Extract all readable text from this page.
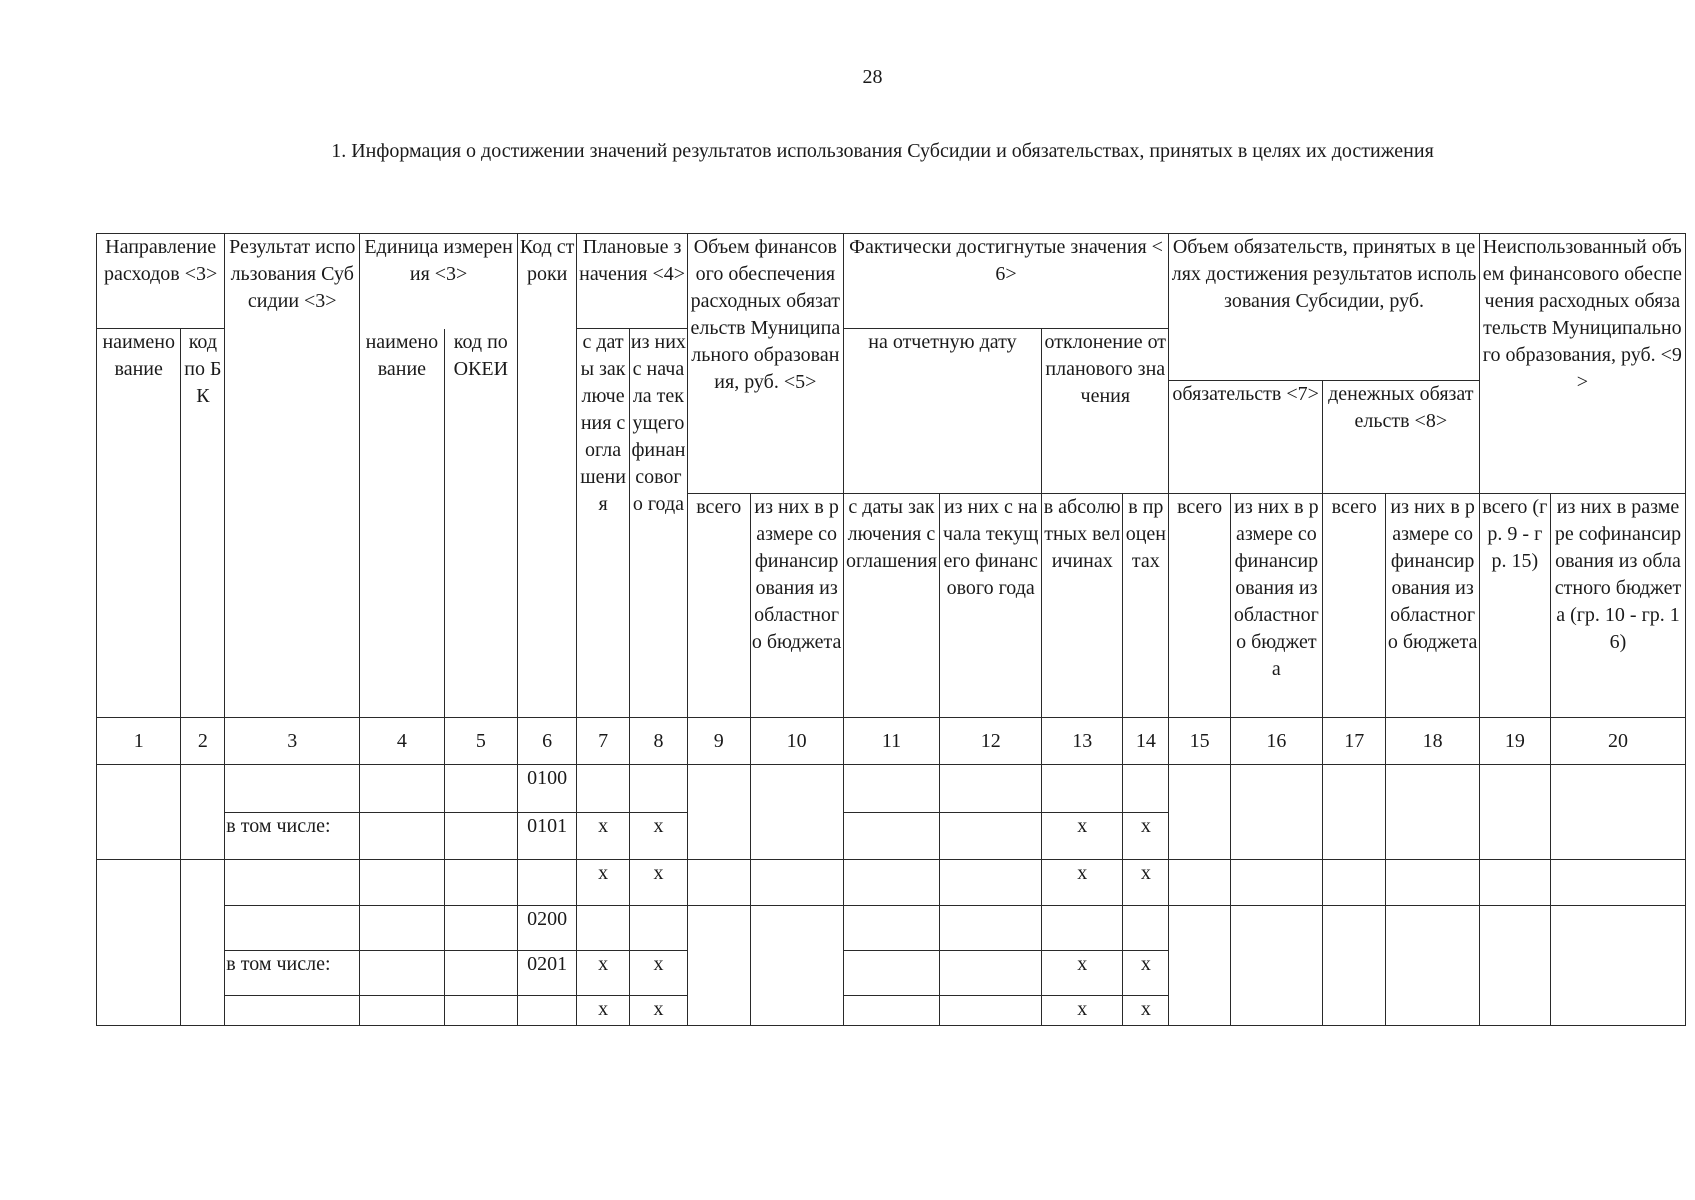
28
1. Информация о достижении значений результатов использования Субсидии и обязательствах, принятых в целях их достижения
Направление расходов <3>		Результат использования Субсидии <3>	Единица измерения <3>		Код строки	Плановые значения <4>		Объем финансового обеспечения расходных обязательств Муниципального образования, руб. <5>		Фактически достигнутые значения <6>				Объем обязательств, принятых в целях достижения результатов использования Субсидии, руб.				Неиспользованный объем финансового обеспечения расходных обязательств Муниципального образования, руб. <9>	
наименование	код по БК		наименование	код по ОКЕИ		с даты заключения соглашения	из них с начала текущего финансового года			на отчетную дату		отклонение от планового значения							
														обязательств <7>		денежных обязательств <8>			
								всего	из них в размере софинансирования из областного бюджета	с даты заключения соглашения	из них с начала текущего финансового года	в абсолютных величинах	в процентах	всего	из них в размере софинансирования из областного бюджета	всего	из них в размере софинансирования из областного бюджета	всего (гр. 9 - гр. 15)	из них в размере софинансирования из областного бюджета (гр. 10 - гр. 16)
1	2	3	4	5	6	7	8	9	10	11	12	13	14	15	16	17	18	19	20
					0100														
		в том числе:			0101	x	x					x	x						
						x	x					x	x						
					0200														
		в том числе:			0201	x	x					x	x						
						x	x					x	x						
